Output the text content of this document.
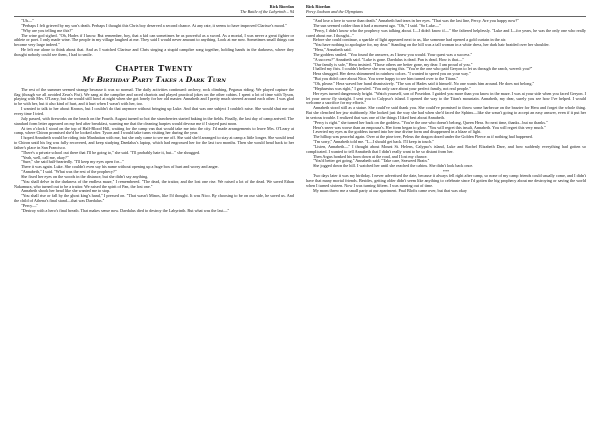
Rick Riordan
The Battle of the Labyrinth – 94

"Uh—"

"Perhaps I felt grieved by my son's death. Perhaps I thought this Chris boy deserved a second chance. At any rate, it seems to have improved Clarisse's mood."

"Why are you telling me this?"

The wine god sighed. "Oh, Hades if I know. But remember, boy, that a kid can sometimes be as powerful as a sword. As a mortal, I was never a great fighter or athlete or poet. I only made wine. The people in my village laughed at me. They said I would never amount to anything. Look at me now. Sometimes small things can become very large indeed."

He left me alone to think about that. And as I watched Clarisse and Chris singing a stupid campfire song together, holding hands in the darkness, where they thought nobody could see them, I had to smile.

Chapter Twenty
My Birthday Party Takes a Dark Turn

The rest of the summer seemed strange because it was so normal. The daily activities continued: archery, rock climbing, Pegasus riding. We played capture the flag (though we all avoided Zeus's Fist). We sang at the campfire and raced chariots and played practical jokes on the other cabins. I spent a lot of time with Tyson, playing with Mrs. O'Leary, but she would still howl at night when she got lonely for her old master. Annabeth and I pretty much steered around each other. I was glad to be with her, but it also kind of hurt, and it hurt when I wasn't with her, too.

I wanted to talk to her about Kronos, but I couldn't do that anymore without bringing up Luke. And that was one subject I couldn't raise. She would shut me out every time I tried.

July passed, with fireworks on the beach on the Fourth. August turned so hot the strawberries started baking in the fields. Finally, the last day of camp arrived. The standard form letter appeared on my bed after breakfast, warning me that the cleaning harpies would devour me if I stayed past noon.

At ten o'clock I stood on the top of Half-Blood Hill, waiting for the camp van that would take me into the city. I'd made arrangements to leave Mrs. O'Leary at camp, where Chiron promised she'd be looked after. Tyson and I would take turns visiting her during the year.

I hoped Annabeth would be riding into Manhattan with me, but she only came to see me off. She said she'd arranged to stay at camp a little longer. She would tend to Chiron until his leg was fully recovered, and keep studying Daedalus's laptop, which had engrossed her for the last two months. Then she would head back to her father's place in San Francisco.

"There's a private school out there that I'll be going to," she said. "I'll probably hate it, but..." she shrugged.

"Yeah, well, call me, okay?"

"Sure," she said half-heartedly. "I'll keep my eyes open for..."

There it was again. Luke. She couldn't even say his name without opening up a huge box of hurt and worry and anger.

"Annabeth," I said. "What was the rest of the prophecy?"

She fixed her eyes on the woods in the distance, but she didn't say anything.

"You shall delve in the darkness of the endless maze," I remembered. "The dead, the traitor, and the lost one rise. We raised a lot of the dead. We saved Ethan Nakamura, who turned out to be a traitor. We raised the spirit of Pan, the lost one."

Annabeth shook her head like she wanted me to stop.

"You shall rise or fall by the ghost king's hand," I pressed on. "That wasn't Minos, like I'd thought. It was Nico. By choosing to be on our side, he saved us. And the child of Athena's final stand—that was Daedalus."

"Percy—"

"Destroy with a hero's final breath. That makes sense now. Daedalus died to destroy the Labyrinth. But what was the last—"

Rick Riordan
Percy Jackson and the Olympians

"And lose a love to worse than death." Annabeth had tears in her eyes. "That was the last line, Percy. Are you happy now?"

The sun seemed colder than it had a moment ago. "Oh," I said. "So Luke—"

"Percy, I didn't know who the prophecy was talking about. I—I didn't know if—" She faltered helplessly. "Luke and I—for years, he was the only one who really cared about me. I thought..."

Before she could continue, a sparkle of light appeared next to us, like someone had opened a gold curtain in the air.

"You have nothing to apologize for, my dear." Standing on the hill was a tall woman in a white dress, her dark hair braided over her shoulder.

"Hera," Annabeth said.

The goddess smiled. "You found the answers, as I knew you would. Your quest was a success."

"A success?" Annabeth said. "Luke is gone. Daedalus is dead. Pan is dead. How is that—"

"Our family is safe," Hera insisted. "Those others are better gone, my dear. I am proud of you."

I balled my fists. I couldn't believe she was saying this. "You're the one who paid Geryon to let us through the ranch, weren't you?"

Hera shrugged. Her dress shimmered in rainbow colors. "I wanted to speed you on your way."

"But you didn't care about Nico. You were happy to see him turned over to the Titans."

"Oh, please." Hera waved her hand dismissively. "The son of Hades said it himself. No one wants him around. He does not belong."

"Hephaestus was right," I growled. "You only care about your perfect family, not real people."

Her eyes turned dangerously bright. "Watch yourself, son of Poseidon. I guided you more than you know in the maze. I was at your side when you faced Geryon. I let your arrow fly straight. I sent you to Calypso's island. I opened the way to the Titan's mountain. Annabeth, my dear, surely you see how I've helped. I would welcome a sacrifice for my efforts."

Annabeth stood still as a statue. She could've said thank you. She could've promised to throw some barbecue on the brazier for Hera and forget the whole thing. But she clenched her jaw stubbornly. She looked just the way she had when she'd faced the Sphinx—like she wasn't going to accept an easy answer, even if it put her in serious trouble. I realized that was one of the things I liked best about Annabeth.

"Percy is right." she turned her back on the goddess. "You're the one who doesn't belong, Queen Hera. So next time, thanks...but no thanks."

Hera's sneer was worse than an empousa's. Her form began to glow. "You will regret this insult, Annabeth. You will regret this very much."

I averted my eyes as the goddess turned into her true divine form and disappeared in a blaze of light.

The hilltop was peaceful again. Over at the pine tree, Peleus the dragon dozed under the Golden Fleece as if nothing had happened.

"I'm sorry," Annabeth told me. "I—I should get back. I'll keep in touch."

"Listen, Annabeth—" I thought about Mount St. Helens, Calypso's island, Luke and Rachel Elizabeth Dare, and how suddenly everything had gotten so complicated. I wanted to tell Annabeth that I didn't really want to be so distant from her.

Then Argus honked his horn down at the road, and I lost my chance.

"You'd better get going," Annabeth said. "Take care, Seaweed Brain."

She jogged down the hill. I watched her until she reached the cabins. She didn't look back once.

***

Two days later it was my birthday. I never advertised the date, because it always fell right after camp, so none of my camp friends could usually come, and I didn't have that many mortal friends. Besides, getting older didn't seem like anything to celebrate since I'd gotten the big prophecy about me destroying or saving the world when I turned sixteen. Now I was turning fifteen. I was running out of time.

My mom threw me a small party at our apartment. Paul Blofis came over, but that was okay
